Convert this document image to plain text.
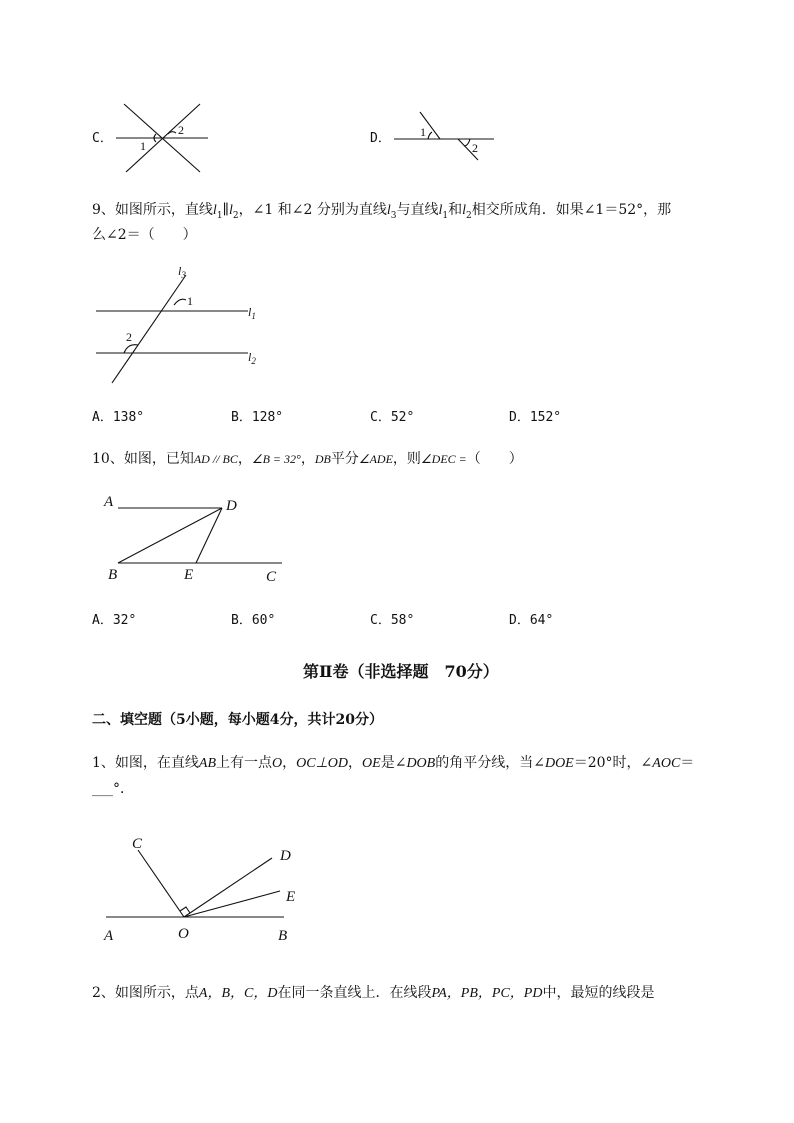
C． 1
2
D． 1
2
9、如图所示，直线$l_1\parallel l_2$，∠1 和∠2 分别为直线$l_3$与直线$l_1$和$l_2$相交所成角．如果∠1＝52°，那
么∠2＝（　　）
$l_3$
1
$l_1$
2
$l_2$
A．138°	B．128°	C．52°	D．152°
10、如图，已知AD // BC，∠B = 32°，DB平分∠ADE，则∠DEC =（　　）
A	D
B	E	C
A．32°	B．60°	C．58°	D．64°
第Ⅱ卷（非选择题　70分）
二、填空题（5小题，每小题4分，共计20分）
1、如图，在直线AB上有一点O，OC⊥OD，OE是∠DOB的角平分线，当∠DOE＝20°时，∠AOC＝
___°．
C
D
E
A	O	B
2、如图所示，点A，B，C，D在同一条直线上．在线段PA，PB，PC，PD中，最短的线段是
